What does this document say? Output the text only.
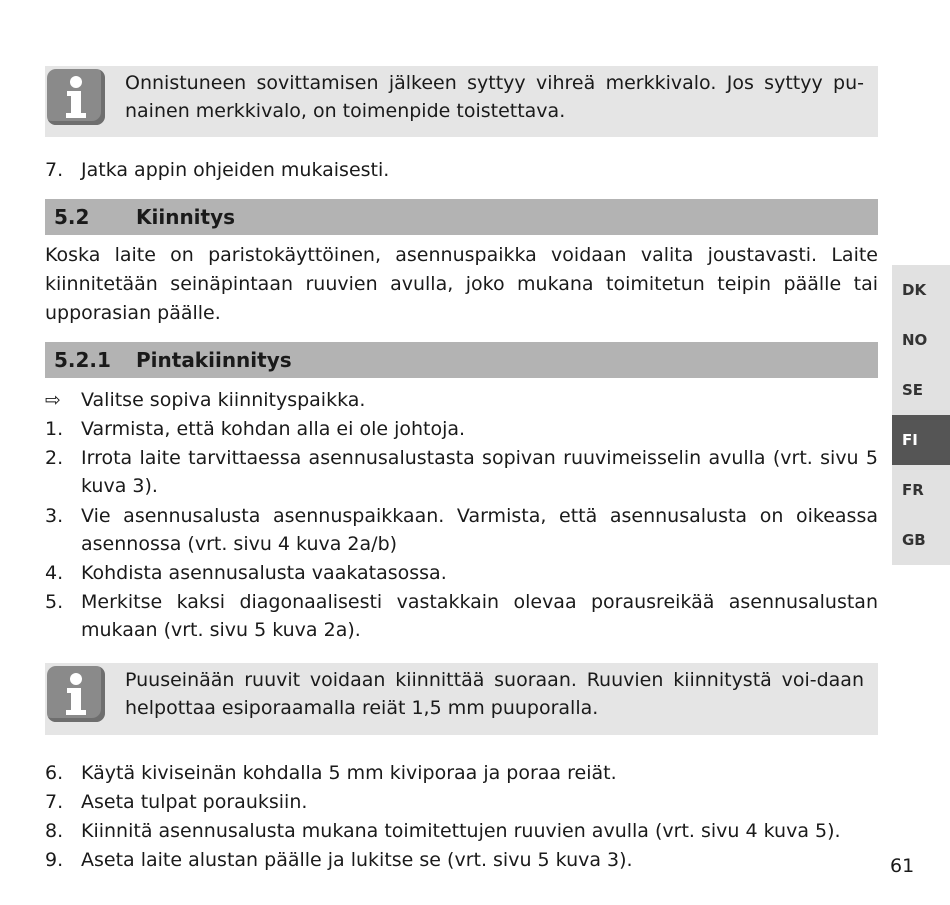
Onnistuneen sovittamisen jälkeen syttyy vihreä merkkivalo. Jos syttyy pu-nainen merkkivalo, on toimenpide toistettava.
7. Jatka appin ohjeiden mukaisesti.
5.2 Kiinnitys
Koska laite on paristokäyttöinen, asennuspaikka voidaan valita joustavasti. Laite kiinnitetään seinäpintaan ruuvien avulla, joko mukana toimitetun teipin päälle tai upporasian päälle.
5.2.1 Pintakiinnitys
⇨ Valitse sopiva kiinnityspaikka.
1. Varmista, että kohdan alla ei ole johtoja.
2. Irrota laite tarvittaessa asennusalustasta sopivan ruuvimeisselin avulla (vrt. sivu 5 kuva 3).
3. Vie asennusalusta asennuspaikkaan. Varmista, että asennusalusta on oikeassa asennossa (vrt. sivu 4 kuva 2a/b)
4. Kohdista asennusalusta vaakatasossa.
5. Merkitse kaksi diagonaalisesti vastakkain olevaa porausreikää asennusalustan mukaan (vrt. sivu 5 kuva 2a).
Puuseinään ruuvit voidaan kiinnittää suoraan. Ruuvien kiinnitystä voi-daan helpottaa esiporaamalla reiät 1,5 mm puuporalla.
6. Käytä kiviseinän kohdalla 5 mm kiviporaa ja poraa reiät.
7. Aseta tulpat porauksiin.
8. Kiinnitä asennusalusta mukana toimitettujen ruuvien avulla (vrt. sivu 4 kuva 5).
9. Aseta laite alustan päälle ja lukitse se (vrt. sivu 5 kuva 3).
DK
NO
SE
FI
FR
GB
61
